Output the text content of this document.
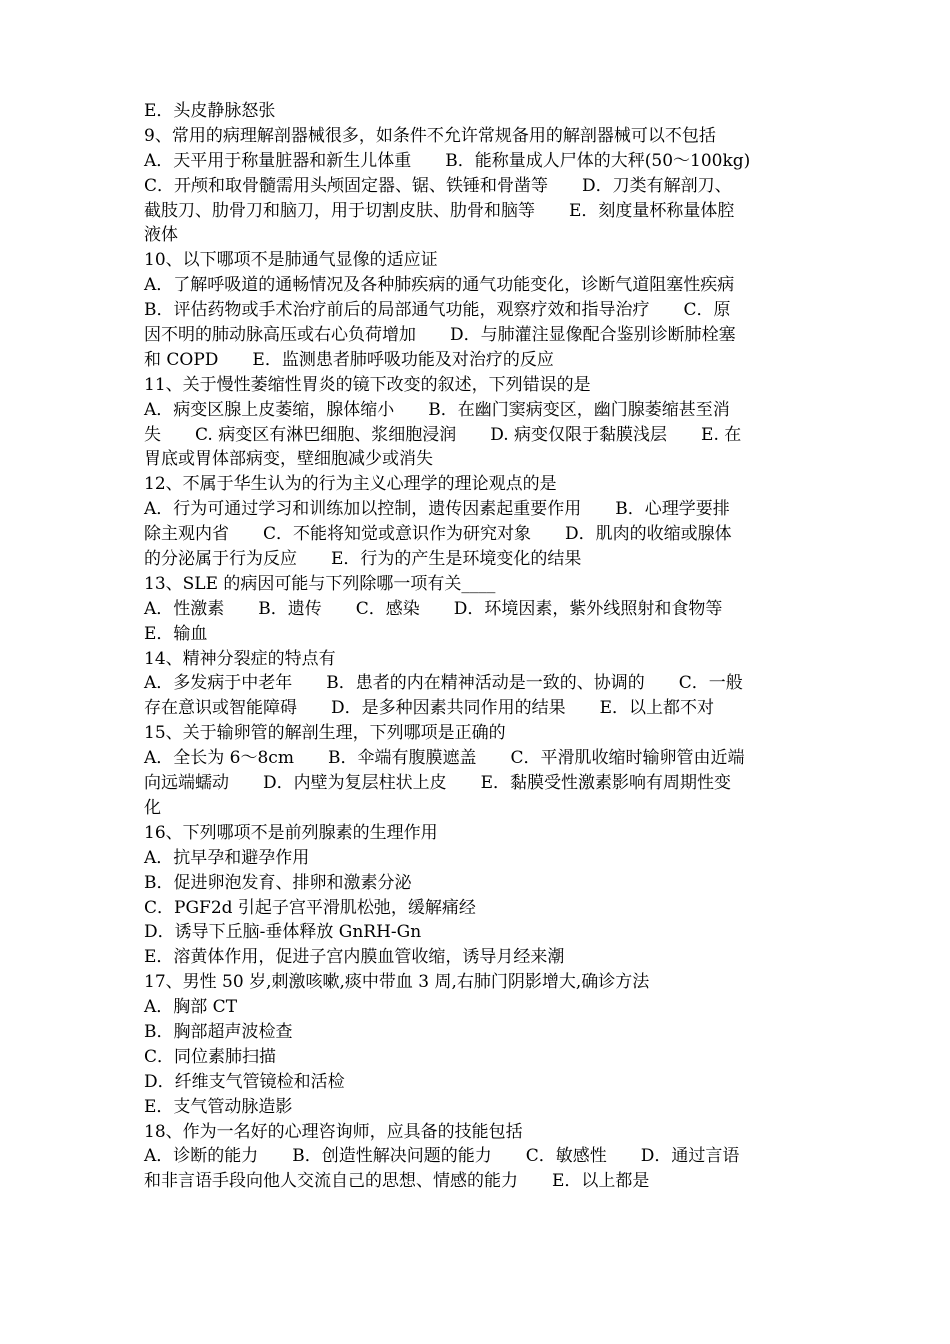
E．头皮静脉怒张
9、常用的病理解剖器械很多，如条件不允许常规备用的解剖器械可以不包括
A．天平用于称量脏器和新生儿体重　　B．能称量成人尸体的大秤(50～100kg)
C．开颅和取骨髓需用头颅固定器、锯、铁锤和骨凿等　　D．刀类有解剖刀、
截肢刀、肋骨刀和脑刀，用于切割皮肤、肋骨和脑等　　E．刻度量杯称量体腔
液体
10、以下哪项不是肺通气显像的适应证
A．了解呼吸道的通畅情况及各种肺疾病的通气功能变化，诊断气道阻塞性疾病
B．评估药物或手术治疗前后的局部通气功能，观察疗效和指导治疗　　C．原
因不明的肺动脉高压或右心负荷增加　　D．与肺灌注显像配合鉴别诊断肺栓塞
和 COPD　　E．监测患者肺呼吸功能及对治疗的反应
11、关于慢性萎缩性胃炎的镜下改变的叙述，下列错误的是
A．病变区腺上皮萎缩，腺体缩小　　B．在幽门窦病变区，幽门腺萎缩甚至消
失　　C. 病变区有淋巴细胞、浆细胞浸润　　D. 病变仅限于黏膜浅层　　E. 在
胃底或胃体部病变，壁细胞减少或消失
12、不属于华生认为的行为主义心理学的理论观点的是
A．行为可通过学习和训练加以控制，遗传因素起重要作用　　B．心理学要排
除主观内省　　C．不能将知觉或意识作为研究对象　　D．肌肉的收缩或腺体
的分泌属于行为反应　　E．行为的产生是环境变化的结果
13、SLE 的病因可能与下列除哪一项有关____
A．性激素　　B．遗传　　C．感染　　D．环境因素，紫外线照射和食物等
E．输血
14、精神分裂症的特点有
A．多发病于中老年　　B．患者的内在精神活动是一致的、协调的　　C．一般
存在意识或智能障碍　　D．是多种因素共同作用的结果　　E．以上都不对
15、关于输卵管的解剖生理，下列哪项是正确的
A．全长为 6～8cm　　B．伞端有腹膜遮盖　　C．平滑肌收缩时输卵管由近端
向远端蠕动　　D．内壁为复层柱状上皮　　E．黏膜受性激素影响有周期性变
化
16、下列哪项不是前列腺素的生理作用
A．抗早孕和避孕作用
B．促进卵泡发育、排卵和激素分泌
C．PGF2d 引起子宫平滑肌松弛，缓解痛经
D．诱导下丘脑-垂体释放 GnRH-Gn
E．溶黄体作用，促进子宫内膜血管收缩，诱导月经来潮
17、男性 50 岁,刺激咳嗽,痰中带血 3 周,右肺门阴影增大,确诊方法
A．胸部 CT
B．胸部超声波检查
C．同位素肺扫描
D．纤维支气管镜检和活检
E．支气管动脉造影
18、作为一名好的心理咨询师，应具备的技能包括
A．诊断的能力　　B．创造性解决问题的能力　　C．敏感性　　D．通过言语
和非言语手段向他人交流自己的思想、情感的能力　　E．以上都是
